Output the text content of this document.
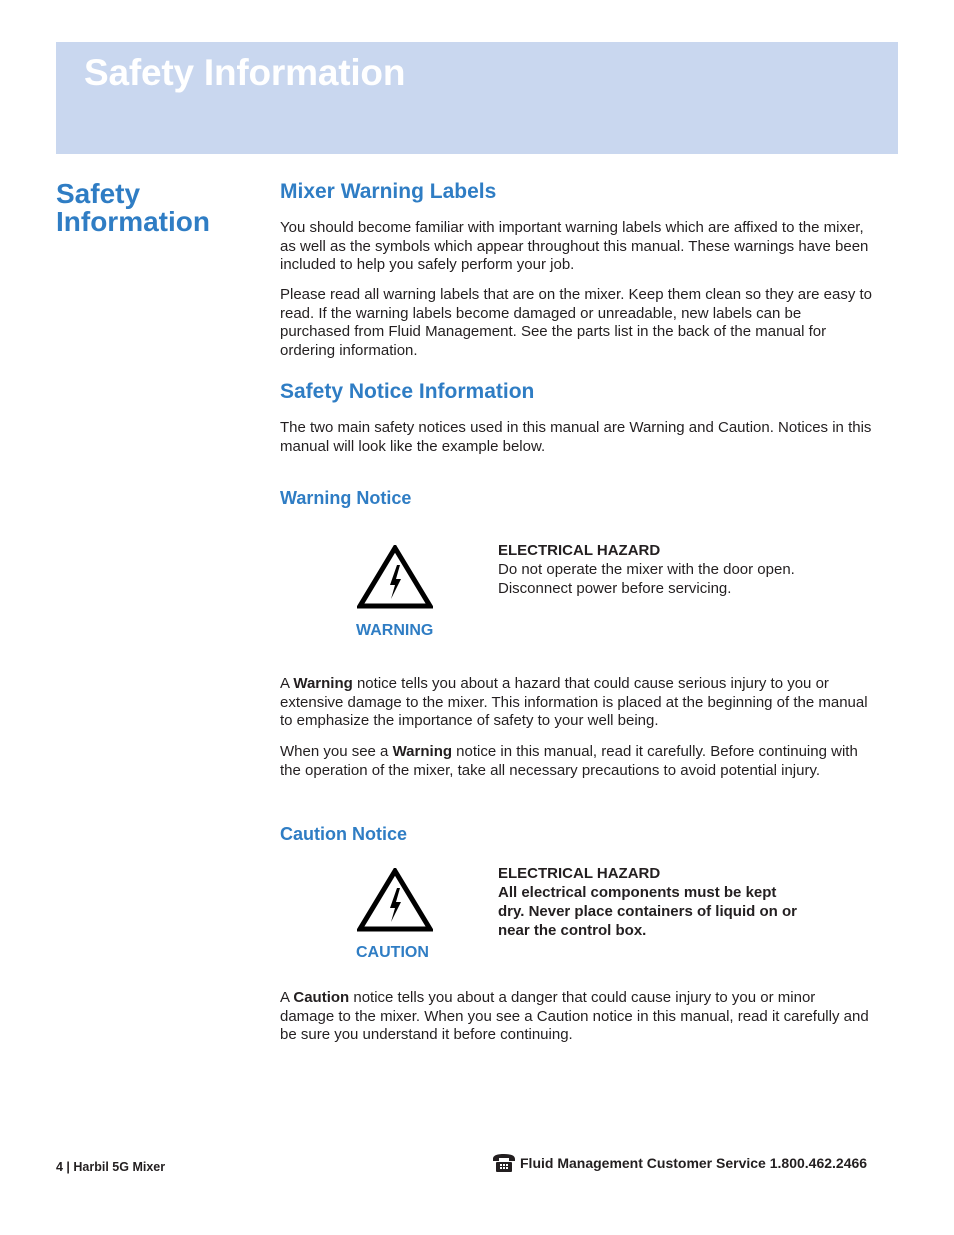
Safety Information
Safety
Information
Mixer Warning Labels

You should become familiar with important warning labels which are affixed to the mixer, as well as the symbols which appear throughout this manual. These warnings have been included to help you safely perform your job.

Please read all warning labels that are on the mixer. Keep them clean so they are easy to read. If the warning labels become damaged or unreadable, new labels can be purchased from Fluid Management. See the parts list in the back of the manual for ordering information.

Safety Notice Information

The two main safety notices used in this manual are Warning and Caution. Notices in this manual will look like the example below.

Warning Notice
WARNING
ELECTRICAL HAZARD
Do not operate the mixer with the door open. Disconnect power before servicing.

A Warning notice tells you about a hazard that could cause serious injury to you or extensive damage to the mixer. This information is placed at the beginning of the manual to emphasize the importance of safety to your well being.

When you see a Warning notice in this manual, read it carefully. Before continuing with the operation of the mixer, take all necessary precautions to avoid potential injury.

Caution Notice
CAUTION
ELECTRICAL HAZARD
All electrical components must be kept dry. Never place containers of liquid on or near the control box.

A Caution notice tells you about a danger that could cause injury to you or minor damage to the mixer. When you see a Caution notice in this manual, read it carefully and be sure you understand it before continuing.

4 | Harbil 5G Mixer	Fluid Management Customer Service 1.800.462.2466
